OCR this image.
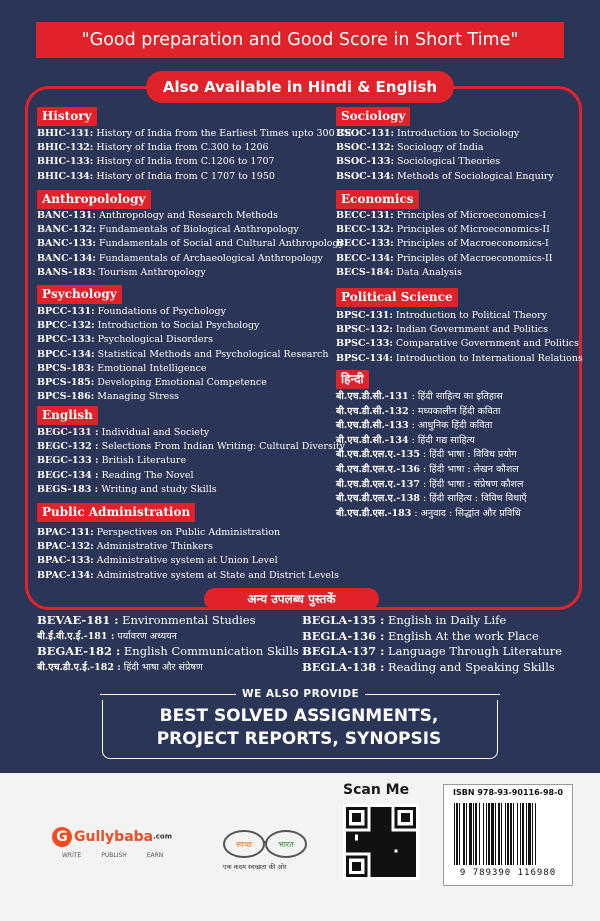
"Good preparation and Good Score in Short Time"
Also Available in Hindi & English
History
BHIC-131: History of India from the Earliest Times upto 300 CE
BHIC-132: History of India from C.300 to 1206
BHIC-133: History of India from C.1206 to 1707
BHIC-134: History of India from C 1707 to 1950
Anthropolology
BANC-131: Anthropology and Research Methods
BANC-132: Fundamentals of Biological Anthropology
BANC-133: Fundamentals of Social and Cultural Anthropology
BANC-134: Fundamentals of Archaeological Anthropology
BANS-183: Tourism Anthropology
Psychology
BPCC-131: Foundations of Psychology
BPCC-132: Introduction to Social Psychology
BPCC-133: Psychological Disorders
BPCC-134: Statistical Methods and Psychological Research
BPCS-183: Emotional Intelligence
BPCS-185: Developing Emotional Competence
BPCS-186: Managing Stress
English
BEGC-131 : Individual and Society
BEGC-132 : Selections From Indian Writing: Cultural Diversity
BEGC-133 : British Literature
BEGC-134 : Reading The Novel
BEGS-183 : Writing and study Skills
Public Administration
BPAC-131: Perspectives on Public Administration
BPAC-132: Administrative Thinkers
BPAC-133: Administrative system at Union Level
BPAC-134: Administrative system at State and District Levels
Sociology
BSOC-131: Introduction to Sociology
BSOC-132: Sociology of India
BSOC-133: Sociological Theories
BSOC-134: Methods of Sociological Enquiry
Economics
BECC-131: Principles of Microeconomics-I
BECC-132: Principles of Microeconomics-II
BECC-133: Principles of Macroeconomics-I
BECC-134: Principles of Macroeconomics-II
BECS-184: Data Analysis
Political Science
BPSC-131: Introduction to Political Theory
BPSC-132: Indian Government and Politics
BPSC-133: Comparative Government and Politics
BPSC-134: Introduction to International Relations
हिन्दी
बी.एच.डी.सी.-131 : हिंदी साहित्य का इतिहास
बी.एच.डी.सी.-132 : मध्यकालीन हिंदी कविता
बी.एच.डी.सी.-133 : आधुनिक हिंदी कविता
बी.एच.डी.सी.-134 : हिंदी गद्य साहित्य
बी.एच.डी.एल.ए.-135 : हिंदी भाषा : विविध प्रयोग
बी.एच.डी.एल.ए.-136 : हिंदी भाषा : लेखन कौशल
बी.एच.डी.एल.ए.-137 : हिंदी भाषा : संप्रेषण कौशल
बी.एच.डी.एल.ए.-138 : हिंदी साहित्य : विविध विधाएँ
बी.एच.डी.एस.-183 : अनुवाद : सिद्धांत और प्रविधि
अन्य उपलब्ध पुस्तकें
BEVAE-181 : Environmental Studies
बी.ई.वी.ए.ई.-181 : पर्यावरण अध्ययन
BEGAE-182 : English Communication Skills
बी.एच.डी.ए.ई.-182 : हिंदी भाषा और संप्रेषण
BEGLA-135 : English in Daily Life
BEGLA-136 : English At the work Place
BEGLA-137 : Language Through Literature
BEGLA-138 : Reading and Speaking Skills
WE ALSO PROVIDE
BEST SOLVED ASSIGNMENTS,
PROJECT REPORTS, SYNOPSIS
G Gullybaba.com
WRITE PUBLISH EARN
स्वच्छ	भारत
एक कदम स्वच्छता की ओर
Scan Me	ISBN 978-93-90116-98-0
9 789390 116980
